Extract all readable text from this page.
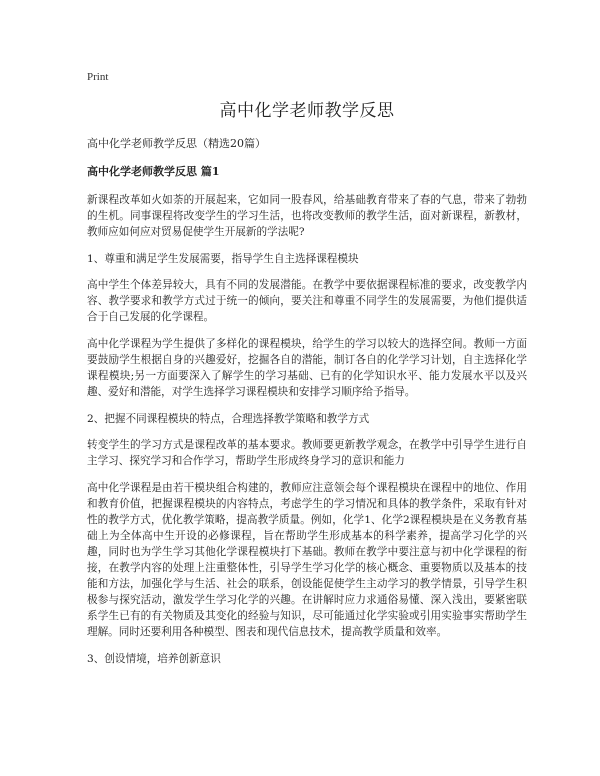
Print
高中化学老师教学反思
高中化学老师教学反思（精选20篇）
高中化学老师教学反思 篇1

新课程改革如火如荼的开展起来，它如同一股春风，给基础教育带来了春的气息，带来了勃勃的生机。同事课程将改变学生的学习生活，也将改变教师的教学生活，面对新课程，新教材，教师应如何应对贸易促使学生开展新的学法呢?

1、尊重和满足学生发展需要，指导学生自主选择课程模块

高中学生个体差异较大，具有不同的发展潜能。在教学中要依据课程标准的要求，改变教学内容、教学要求和教学方式过于统一的倾向，要关注和尊重不同学生的发展需要，为他们提供适合于自己发展的化学课程。

高中化学课程为学生提供了多样化的课程模块，给学生的学习以较大的选择空间。教师一方面要鼓励学生根据自身的兴趣爱好，挖掘各自的潜能，制订各自的化学学习计划，自主选择化学课程模块;另一方面要深入了解学生的学习基础、已有的化学知识水平、能力发展水平以及兴趣、爱好和潜能，对学生选择学习课程模块和安排学习顺序给予指导。

2、把握不同课程模块的特点，合理选择教学策略和教学方式

转变学生的学习方式是课程改革的基本要求。教师要更新教学观念，在教学中引导学生进行自主学习、探究学习和合作学习，帮助学生形成终身学习的意识和能力

高中化学课程是由若干模块组合构建的，教师应注意领会每个课程模块在课程中的地位、作用和教育价值，把握课程模块的内容特点，考虑学生的学习情况和具体的教学条件，采取有针对性的教学方式，优化教学策略，提高教学质量。例如，化学1、化学2课程模块是在义务教育基础上为全体高中生开设的必修课程，旨在帮助学生形成基本的科学素养，提高学习化学的兴趣，同时也为学生学习其他化学课程模块打下基础。教师在教学中要注意与初中化学课程的衔接，在教学内容的处理上注重整体性，引导学生学习化学的核心概念、重要物质以及基本的技能和方法，加强化学与生活、社会的联系，创设能促使学生主动学习的教学情景，引导学生积极参与探究活动，激发学生学习化学的兴趣。在讲解时应力求通俗易懂、深入浅出，要紧密联系学生已有的有关物质及其变化的经验与知识，尽可能通过化学实验或引用实验事实帮助学生理解。同时还要利用各种模型、图表和现代信息技术，提高教学质量和效率。

3、创设情境，培养创新意识
